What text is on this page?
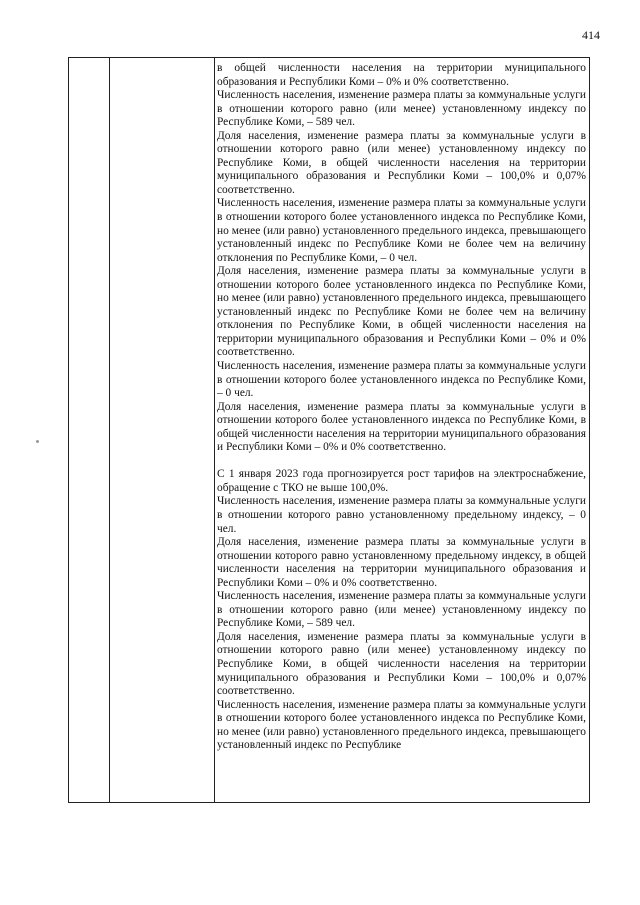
414

в общей численности населения на территории муниципального образования и Республики Коми – 0% и 0% соответственно.

Численность населения, изменение размера платы за коммунальные услуги в отношении которого равно (или менее) установленному индексу по Республике Коми, – 589 чел.

Доля населения, изменение размера платы за коммунальные услуги в отношении которого равно (или менее) установленному индексу по Республике Коми, в общей численности населения на территории муниципального образования и Республики Коми – 100,0% и 0,07% соответственно.

Численность населения, изменение размера платы за коммунальные услуги в отношении которого более установленного индекса по Республике Коми, но менее (или равно) установленного предельного индекса, превышающего установленный индекс по Республике Коми не более чем на величину отклонения по Республике Коми, – 0 чел.

Доля населения, изменение размера платы за коммунальные услуги в отношении которого более установленного индекса по Республике Коми, но менее (или равно) установленного предельного индекса, превышающего установленный индекс по Республике Коми не более чем на величину отклонения по Республике Коми, в общей численности населения на территории муниципального образования и Республики Коми – 0% и 0% соответственно.

Численность населения, изменение размера платы за коммунальные услуги в отношении которого более установленного индекса по Республике Коми, – 0 чел.

Доля населения, изменение размера платы за коммунальные услуги в отношении которого более установленного индекса по Республике Коми, в общей численности населения на территории муниципального образования и Республики Коми – 0% и 0% соответственно.

С 1 января 2023 года прогнозируется рост тарифов на электроснабжение, обращение с ТКО не выше 100,0%.

Численность населения, изменение размера платы за коммунальные услуги в отношении которого равно установленному предельному индексу, – 0 чел.

Доля населения, изменение размера платы за коммунальные услуги в отношении которого равно установленному предельному индексу, в общей численности населения на территории муниципального образования и Республики Коми – 0% и 0% соответственно.

Численность населения, изменение размера платы за коммунальные услуги в отношении которого равно (или менее) установленному индексу по Республике Коми, – 589 чел.

Доля населения, изменение размера платы за коммунальные услуги в отношении которого равно (или менее) установленному индексу по Республике Коми, в общей численности населения на территории муниципального образования и Республики Коми – 100,0% и 0,07% соответственно.

Численность населения, изменение размера платы за коммунальные услуги в отношении которого более установленного индекса по Республике Коми, но менее (или равно) установленного предельного индекса, превышающего установленный индекс по Республике
